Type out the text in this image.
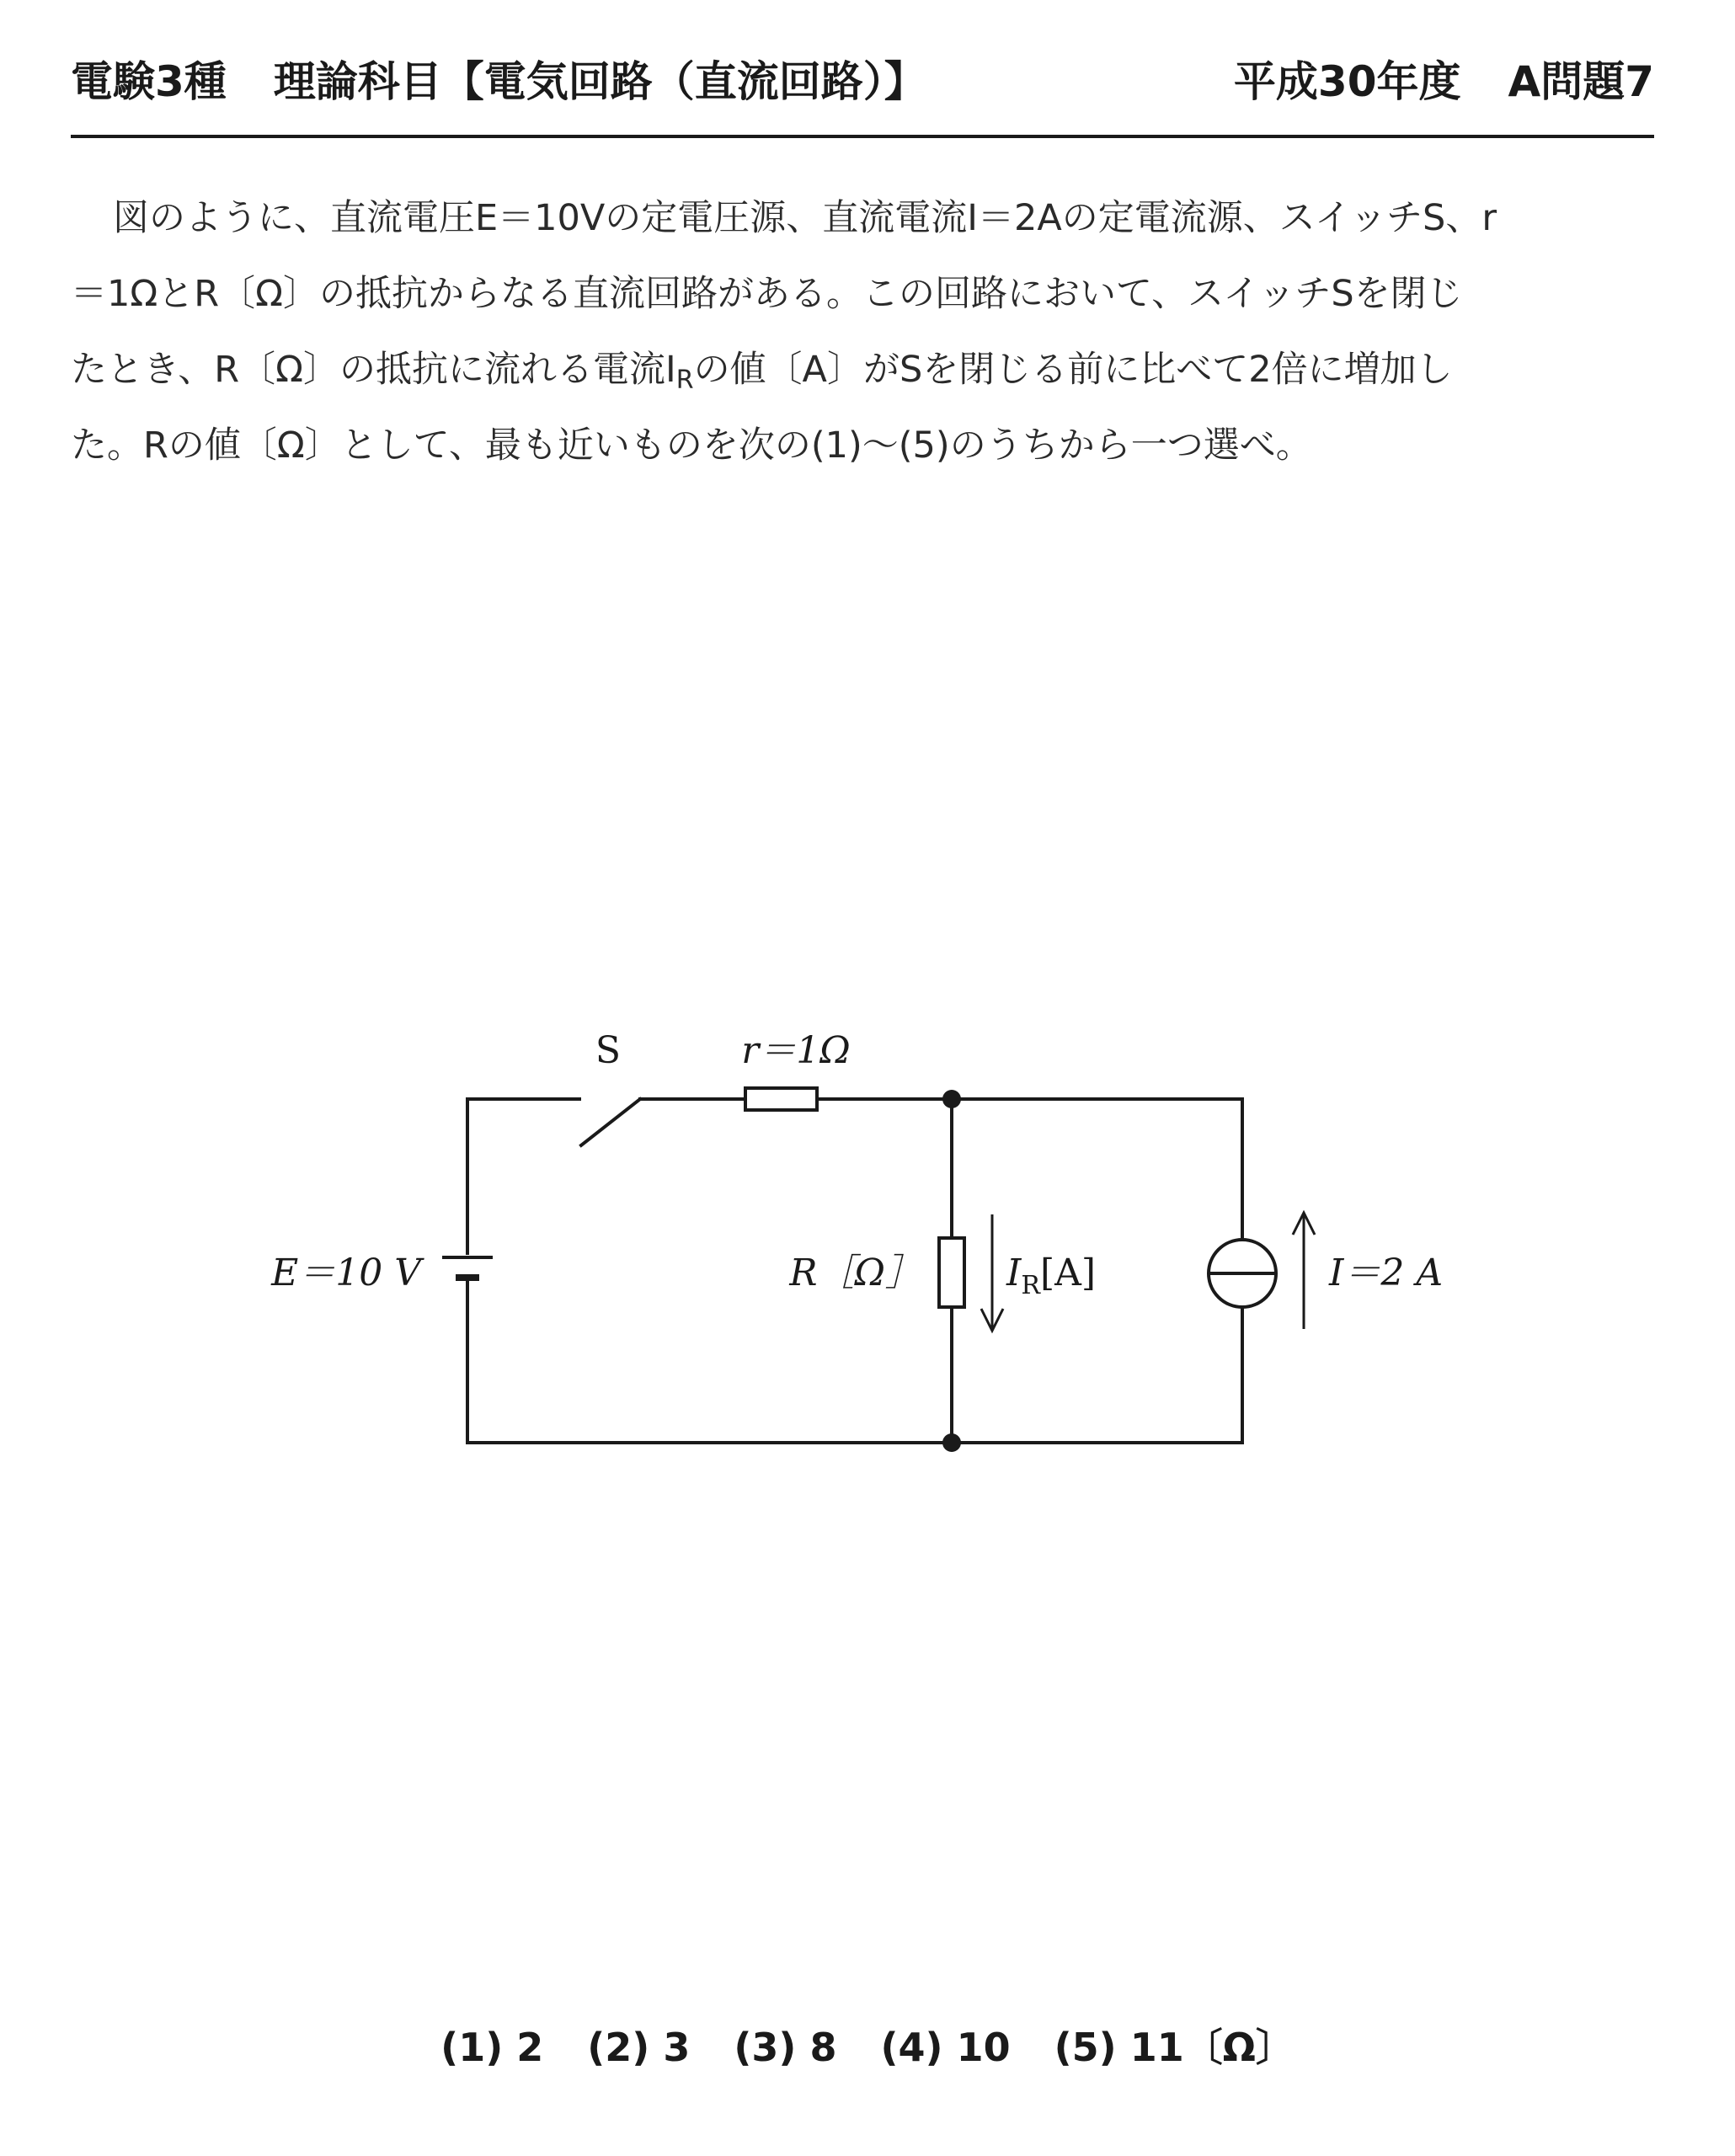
電験3種 理論科目【電気回路（直流回路）】	平成30年度 A問題7
図のように、直流電圧E＝10Vの定電圧源、直流電流I＝2Aの定電流源、スイッチS、r
＝1ΩとR〔Ω〕の抵抗からなる直流回路がある。この回路において、スイッチSを閉じ
たとき、R〔Ω〕の抵抗に流れる電流$I_R$の値〔A〕がSを閉じる前に比べて2倍に増加し
た。Rの値〔Ω〕として、最も近いものを次の(1)〜(5)のうちから一つ選べ。
S	r＝1Ω
E＝10 V	R［Ω］ $I_R[A]$	I＝2 A
(1) 2 (2) 3 (3) 8 (4) 10 (5) 11〔Ω〕
